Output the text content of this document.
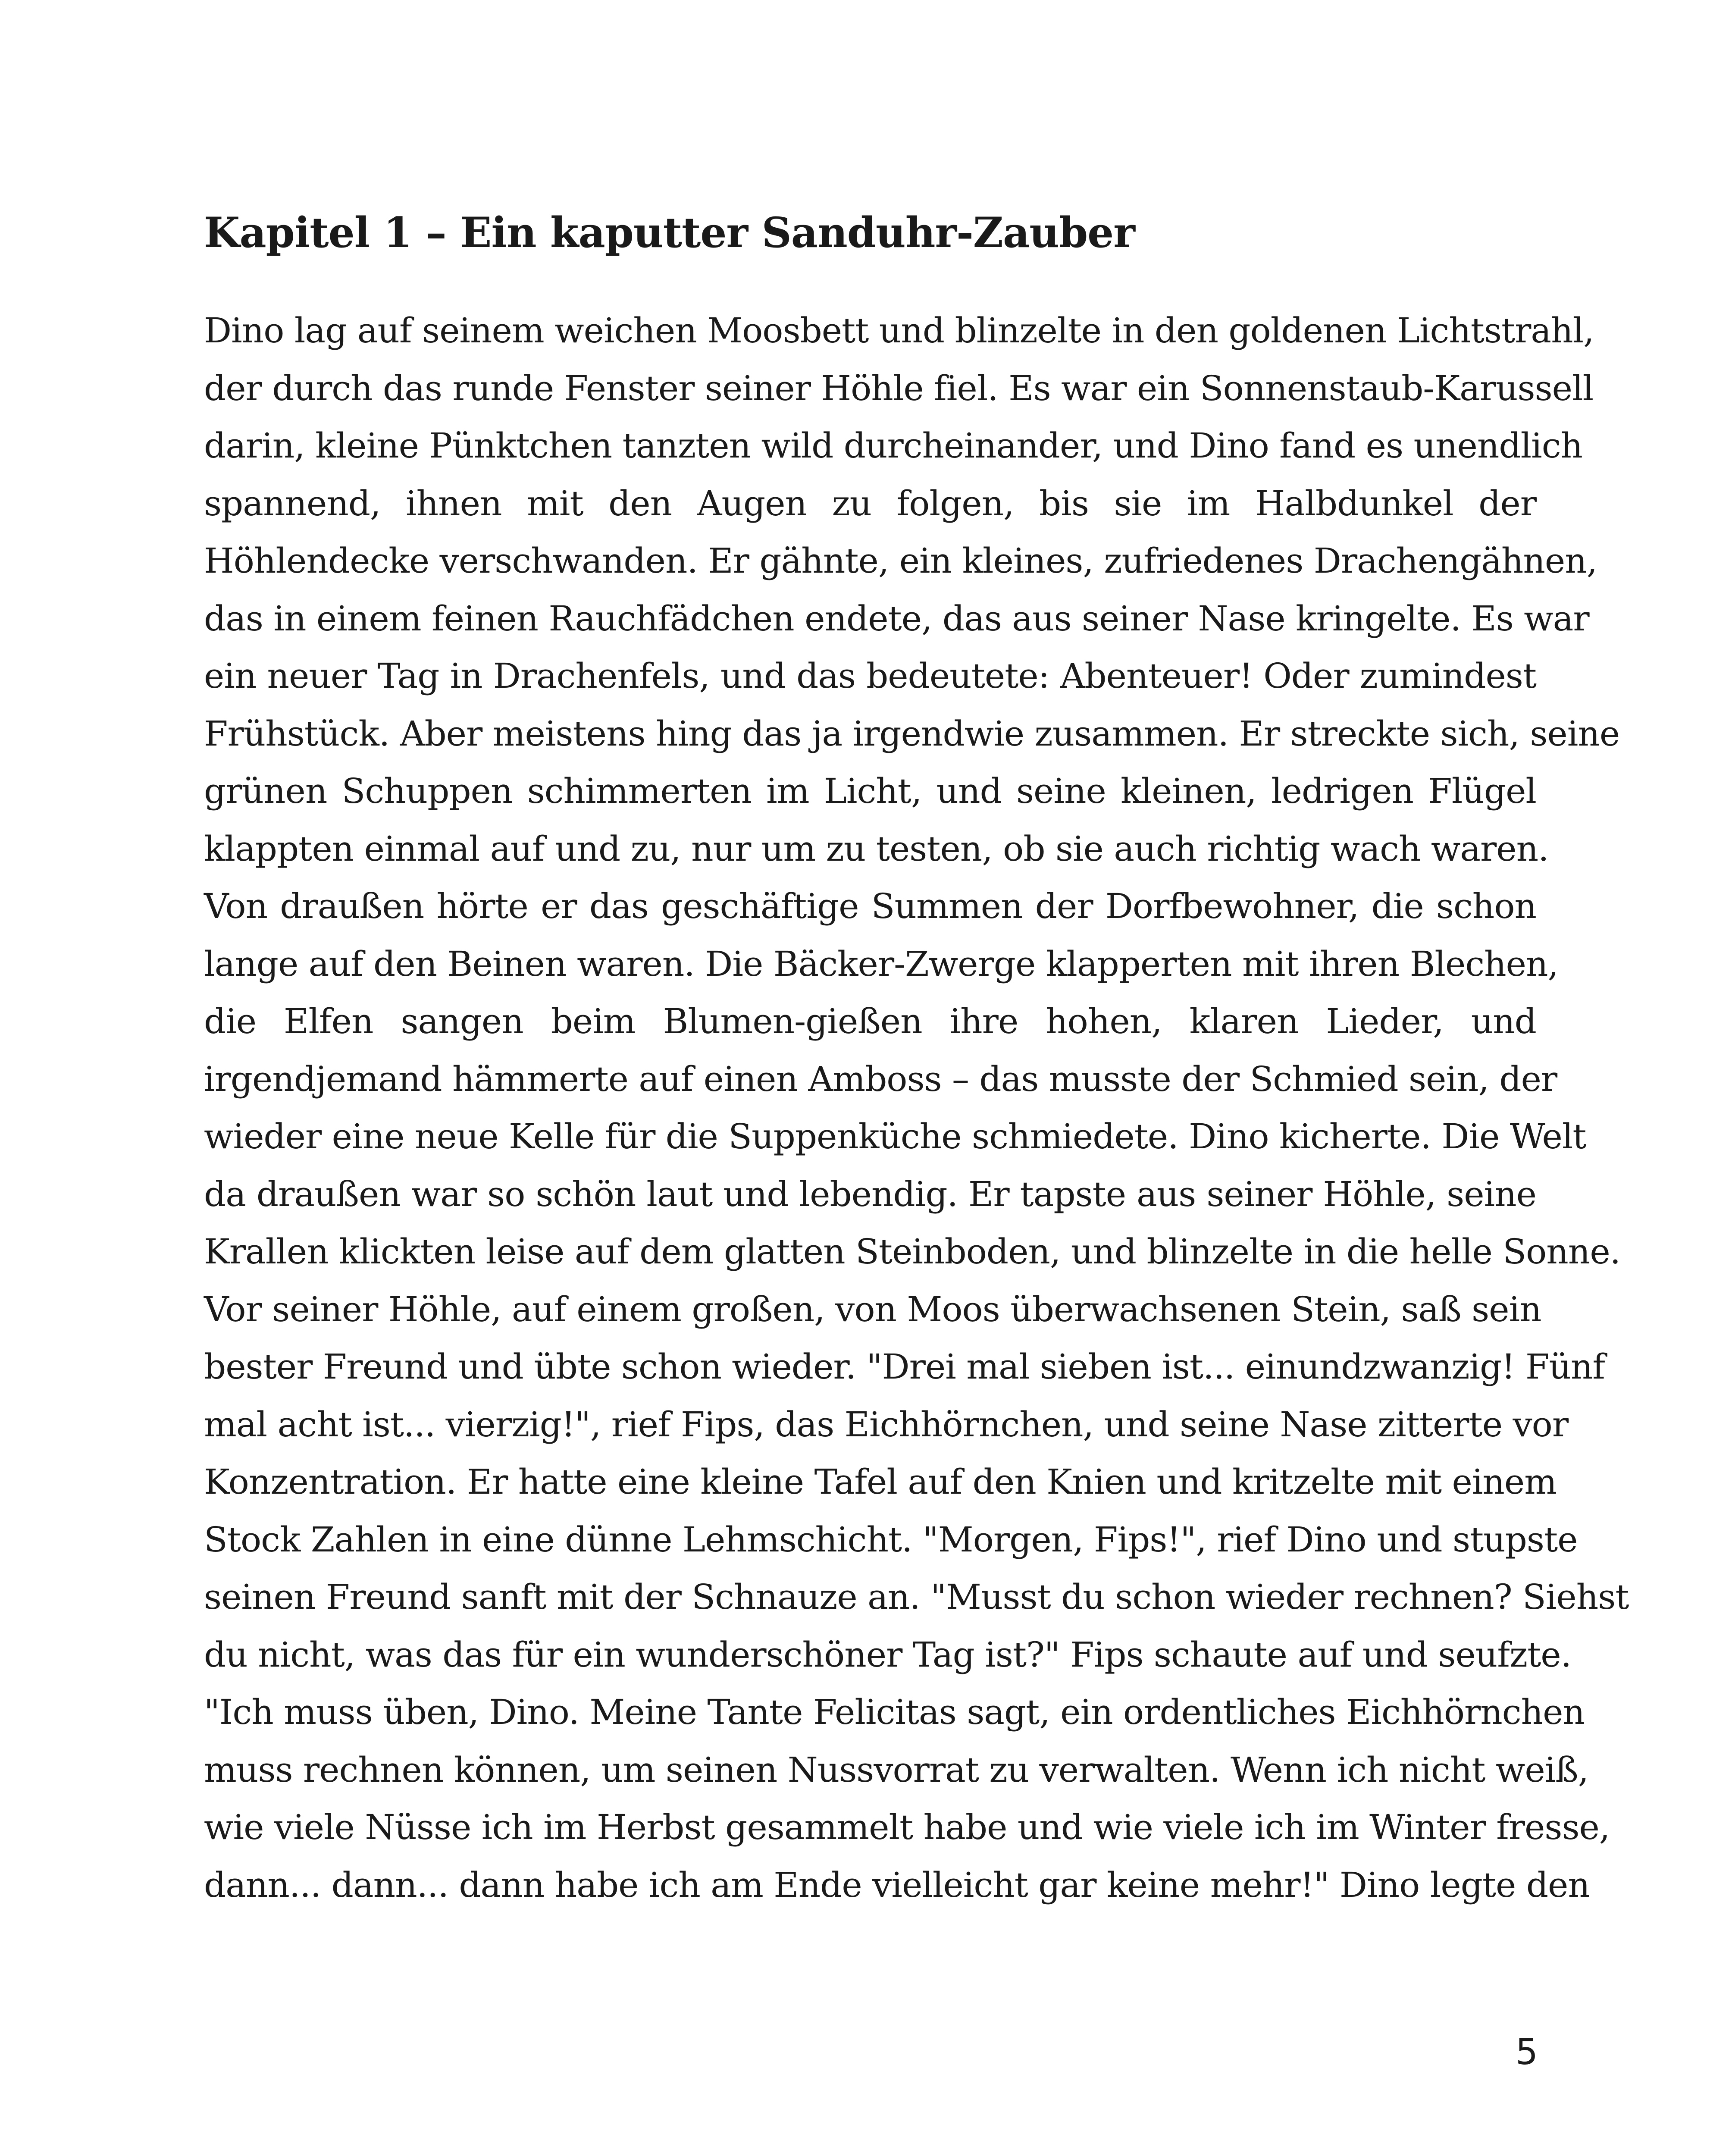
Kapitel 1 – Ein kaputter Sanduhr-Zauber
Dino lag auf seinem weichen Moosbett und blinzelte in den goldenen Lichtstrahl,
der durch das runde Fenster seiner Höhle fiel. Es war ein Sonnenstaub-Karussell
darin, kleine Pünktchen tanzten wild durcheinander, und Dino fand es unendlich
spannend, ihnen mit den Augen zu folgen, bis sie im Halbdunkel der
Höhlendecke verschwanden. Er gähnte, ein kleines, zufriedenes Drachengähnen,
das in einem feinen Rauchfädchen endete, das aus seiner Nase kringelte. Es war
ein neuer Tag in Drachenfels, und das bedeutete: Abenteuer! Oder zumindest
Frühstück. Aber meistens hing das ja irgendwie zusammen. Er streckte sich, seine
grünen Schuppen schimmerten im Licht, und seine kleinen, ledrigen Flügel
klappten einmal auf und zu, nur um zu testen, ob sie auch richtig wach waren.
Von draußen hörte er das geschäftige Summen der Dorfbewohner, die schon
lange auf den Beinen waren. Die Bäcker-Zwerge klapperten mit ihren Blechen,
die Elfen sangen beim Blumen-gießen ihre hohen, klaren Lieder, und
irgendjemand hämmerte auf einen Amboss – das musste der Schmied sein, der
wieder eine neue Kelle für die Suppenküche schmiedete. Dino kicherte. Die Welt
da draußen war so schön laut und lebendig. Er tapste aus seiner Höhle, seine
Krallen klickten leise auf dem glatten Steinboden, und blinzelte in die helle Sonne.
Vor seiner Höhle, auf einem großen, von Moos überwachsenen Stein, saß sein
bester Freund und übte schon wieder. "Drei mal sieben ist... einundzwanzig! Fünf
mal acht ist... vierzig!", rief Fips, das Eichhörnchen, und seine Nase zitterte vor
Konzentration. Er hatte eine kleine Tafel auf den Knien und kritzelte mit einem
Stock Zahlen in eine dünne Lehmschicht. "Morgen, Fips!", rief Dino und stupste
seinen Freund sanft mit der Schnauze an. "Musst du schon wieder rechnen? Siehst
du nicht, was das für ein wunderschöner Tag ist?" Fips schaute auf und seufzte.
"Ich muss üben, Dino. Meine Tante Felicitas sagt, ein ordentliches Eichhörnchen
muss rechnen können, um seinen Nussvorrat zu verwalten. Wenn ich nicht weiß,
wie viele Nüsse ich im Herbst gesammelt habe und wie viele ich im Winter fresse,
dann... dann... dann habe ich am Ende vielleicht gar keine mehr!" Dino legte den
5
